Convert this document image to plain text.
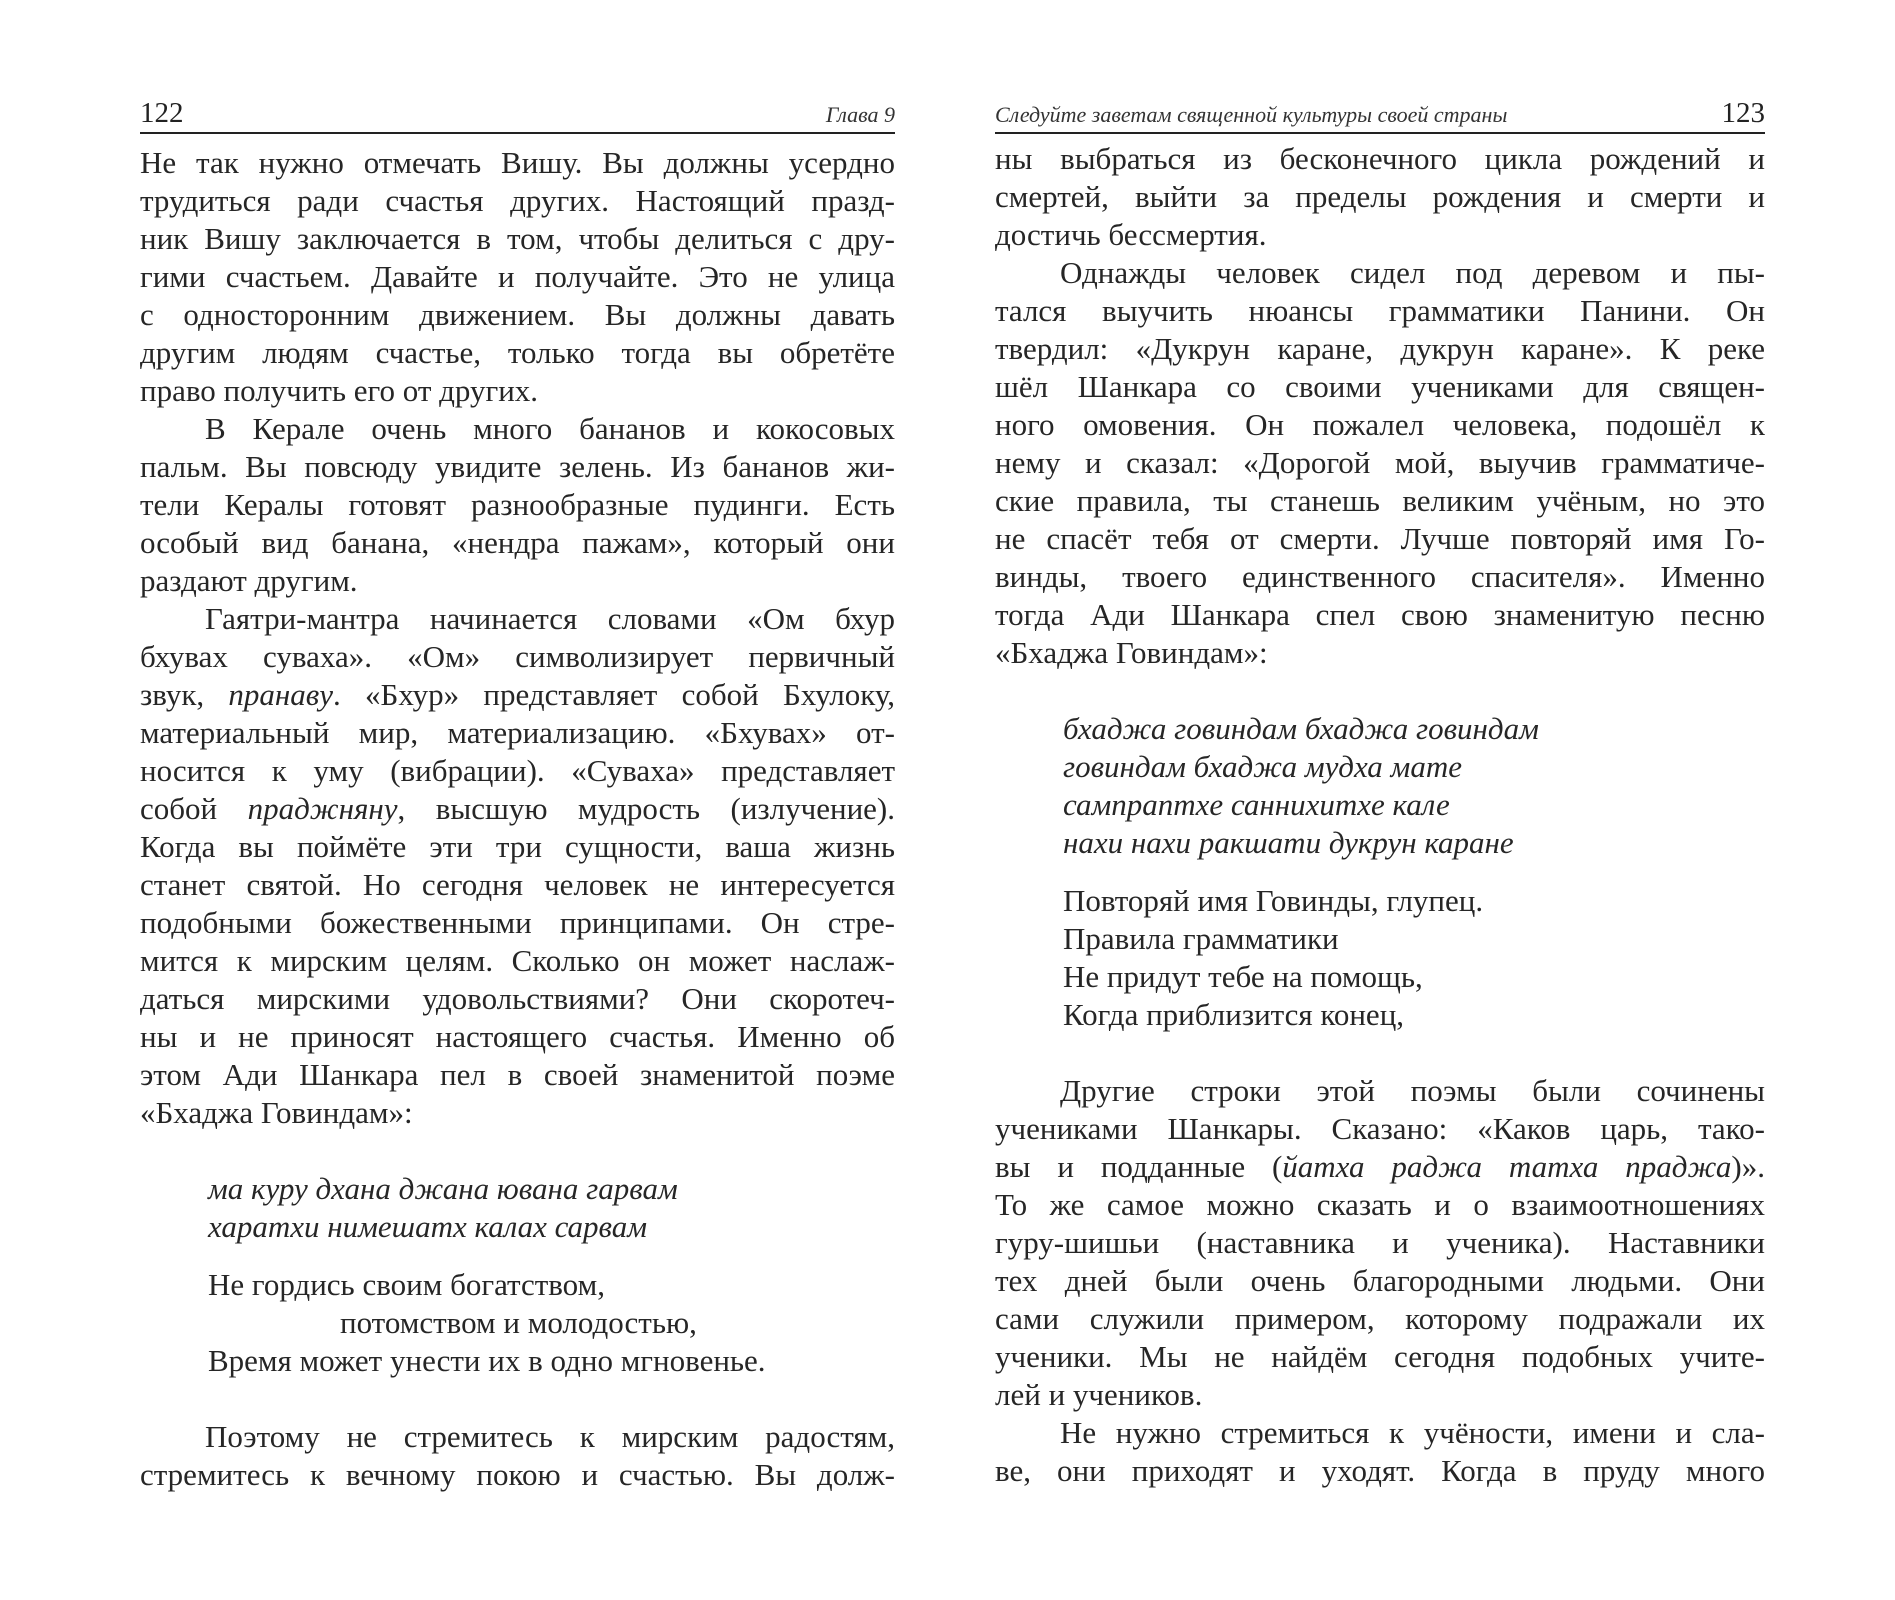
122	Глава 9
Не так нужно отмечать Вишу. Вы должны усердно
трудиться ради счастья других. Настоящий празд-
ник Вишу заключается в том, чтобы делиться с дру-
гими счастьем. Давайте и получайте. Это не улица
с односторонним движением. Вы должны давать
другим людям счастье, только тогда вы обретёте
право получить его от других.
В Керале очень много бананов и кокосовых
пальм. Вы повсюду увидите зелень. Из бананов жи-
тели Кералы готовят разнообразные пудинги. Есть
особый вид банана, «нендра пажам», который они
раздают другим.
Гаятри-мантра начинается словами «Ом бхур
бхувах суваха». «Ом» символизирует первичный
звук, пранаву. «Бхур» представляет собой Бхулоку,
материальный мир, материализацию. «Бхувах» от-
носится к уму (вибрации). «Суваха» представляет
собой праджняну, высшую мудрость (излучение).
Когда вы поймёте эти три сущности, ваша жизнь
станет святой. Но сегодня человек не интересуется
подобными божественными принципами. Он стре-
мится к мирским целям. Сколько он может наслаж-
даться мирскими удовольствиями? Они скоротеч-
ны и не приносят настоящего счастья. Именно об
этом Ади Шанкара пел в своей знаменитой поэме
«Бхаджа Говиндам»:
ма куру дхана джана ювана гарвам
харатхи нимешатх калах сарвам
Не гордись своим богатством,
потомством и молодостью,
Время может унести их в одно мгновенье.
Поэтому не стремитесь к мирским радостям,
стремитесь к вечному покою и счастью. Вы долж-
Следуйте заветам священной культуры своей страны	123
ны выбраться из бесконечного цикла рождений и
смертей, выйти за пределы рождения и смерти и
достичь бессмертия.
Однажды человек сидел под деревом и пы-
тался выучить нюансы грамматики Панини. Он
твердил: «Дукрун каране, дукрун каране». К реке
шёл Шанкара со своими учениками для священ-
ного омовения. Он пожалел человека, подошёл к
нему и сказал: «Дорогой мой, выучив грамматиче-
ские правила, ты станешь великим учёным, но это
не спасёт тебя от смерти. Лучше повторяй имя Го-
винды, твоего единственного спасителя». Именно
тогда Ади Шанкара спел свою знаменитую песню
«Бхаджа Говиндам»:
бхаджа говиндам бхаджа говиндам
говиндам бхаджа мудха мате
сампраптхе саннихитхе кале
нахи нахи ракшати дукрун каране
Повторяй имя Говинды, глупец.
Правила грамматики
Не придут тебе на помощь,
Когда приблизится конец,
Другие строки этой поэмы были сочинены
учениками Шанкары. Сказано: «Каков царь, тако-
вы и подданные (йатха раджа татха праджа)».
То же самое можно сказать и о взаимоотношениях
гуру-шишьи (наставника и ученика). Наставники
тех дней были очень благородными людьми. Они
сами служили примером, которому подражали их
ученики. Мы не найдём сегодня подобных учите-
лей и учеников.
Не нужно стремиться к учёности, имени и сла-
ве, они приходят и уходят. Когда в пруду много
